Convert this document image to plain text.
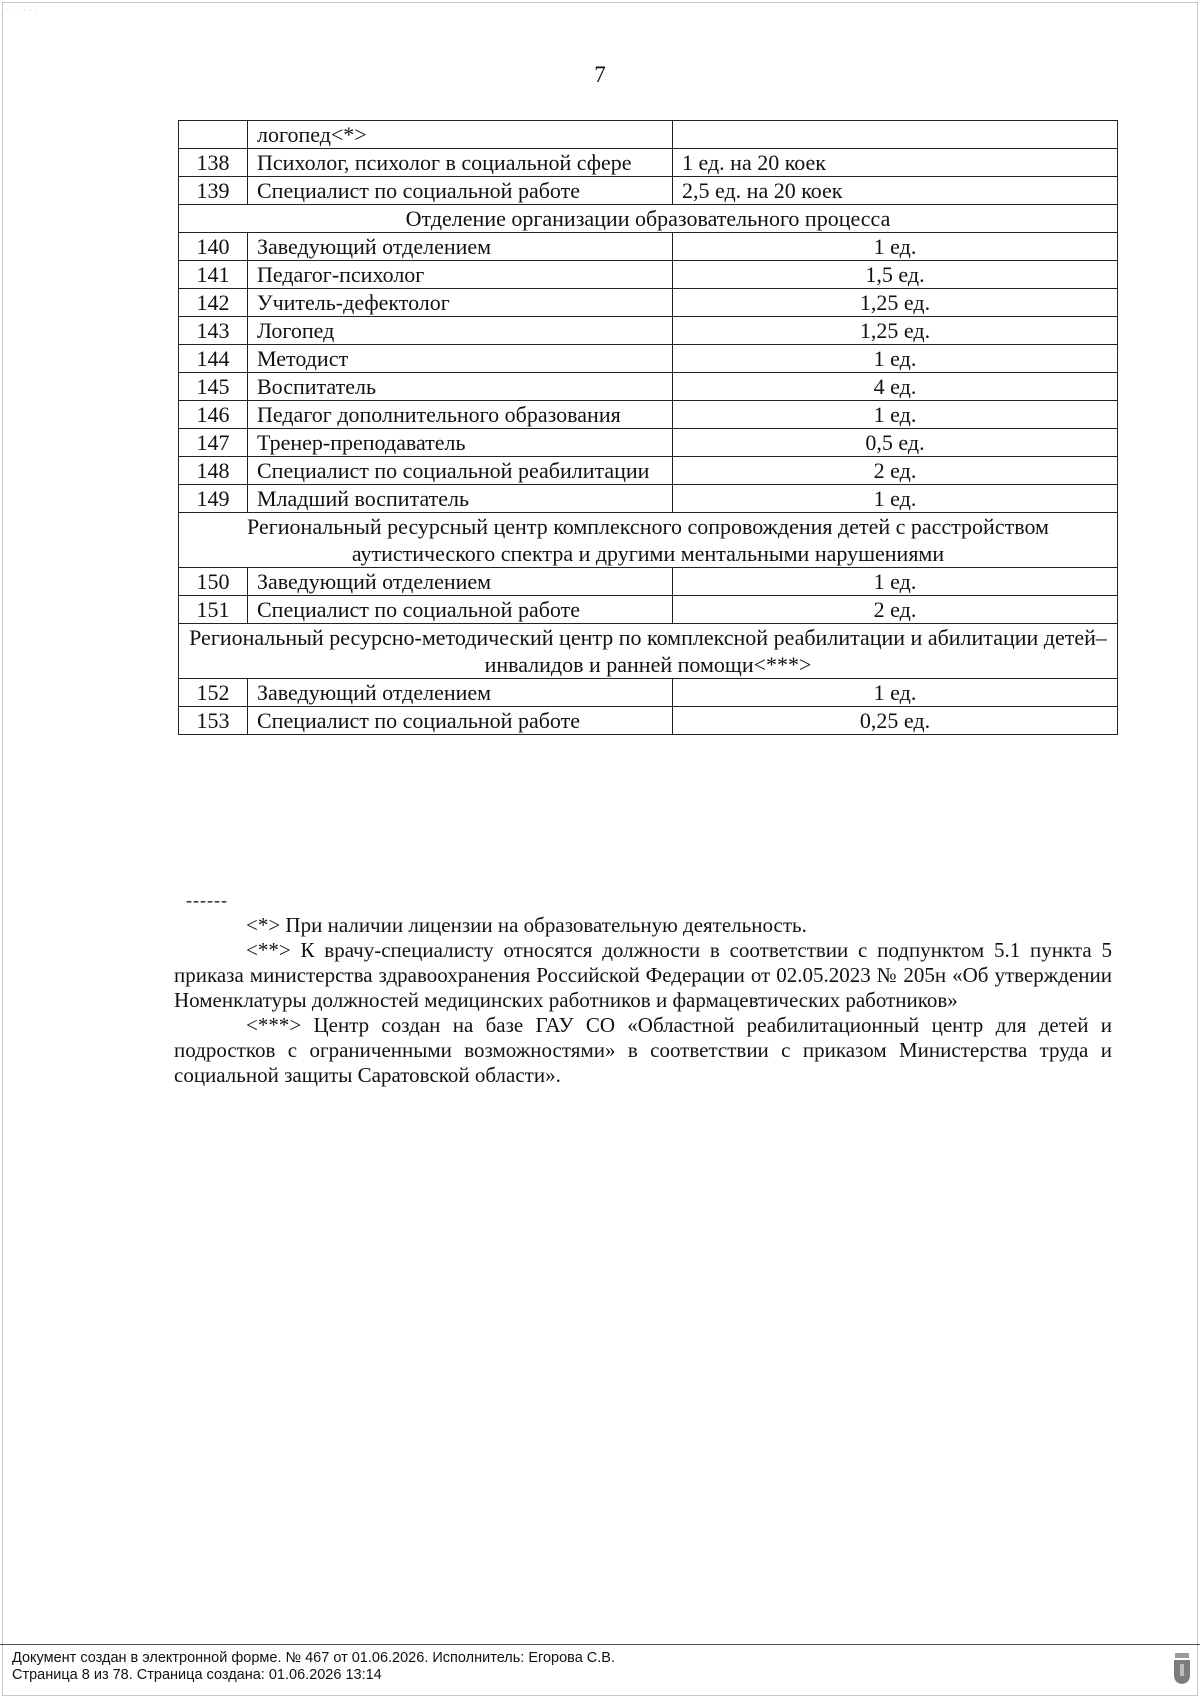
· · · · · ·
7
	логопед<*>	
138	Психолог, психолог в социальной сфере	1 ед. на 20 коек
139	Специалист по социальной работе	2,5 ед. на 20 коек
Отделение организации образовательного процесса		
140	Заведующий отделением	1 ед.
141	Педагог-психолог	1,5 ед.
142	Учитель-дефектолог	1,25 ед.
143	Логопед	1,25 ед.
144	Методист	1 ед.
145	Воспитатель	4 ед.
146	Педагог дополнительного образования	1 ед.
147	Тренер-преподаватель	0,5 ед.
148	Специалист по социальной реабилитации	2 ед.
149	Младший воспитатель	1 ед.
Региональный ресурсный центр комплексного сопровождения детей с расстройством аутистического спектра и другими ментальными нарушениями		
150	Заведующий отделением	1 ед.
151	Специалист по социальной работе	2 ед.
Региональный ресурсно-методический центр по комплексной реабилитации и абилитации детей–инвалидов и ранней помощи<***>		
152	Заведующий отделением	1 ед.
153	Специалист по социальной работе	0,25 ед.
------

<*> При наличии лицензии на образовательную деятельность.

<**> К врачу-специалисту относятся должности в соответствии с подпунктом 5.1 пункта 5 приказа министерства здравоохранения Российской Федерации от 02.05.2023 № 205н «Об утверждении Номенклатуры должностей медицинских работников и фармацевтических работников»

<***> Центр создан на базе ГАУ СО «Областной реабилитационный центр для детей и подростков с ограниченными возможностями» в соответствии с приказом Министерства труда и социальной защиты Саратовской области».

Документ создан в электронной форме. № 467 от 01.06.2026. Исполнитель: Егорова С.В.
Страница 8 из 78. Страница создана: 01.06.2026 13:14
